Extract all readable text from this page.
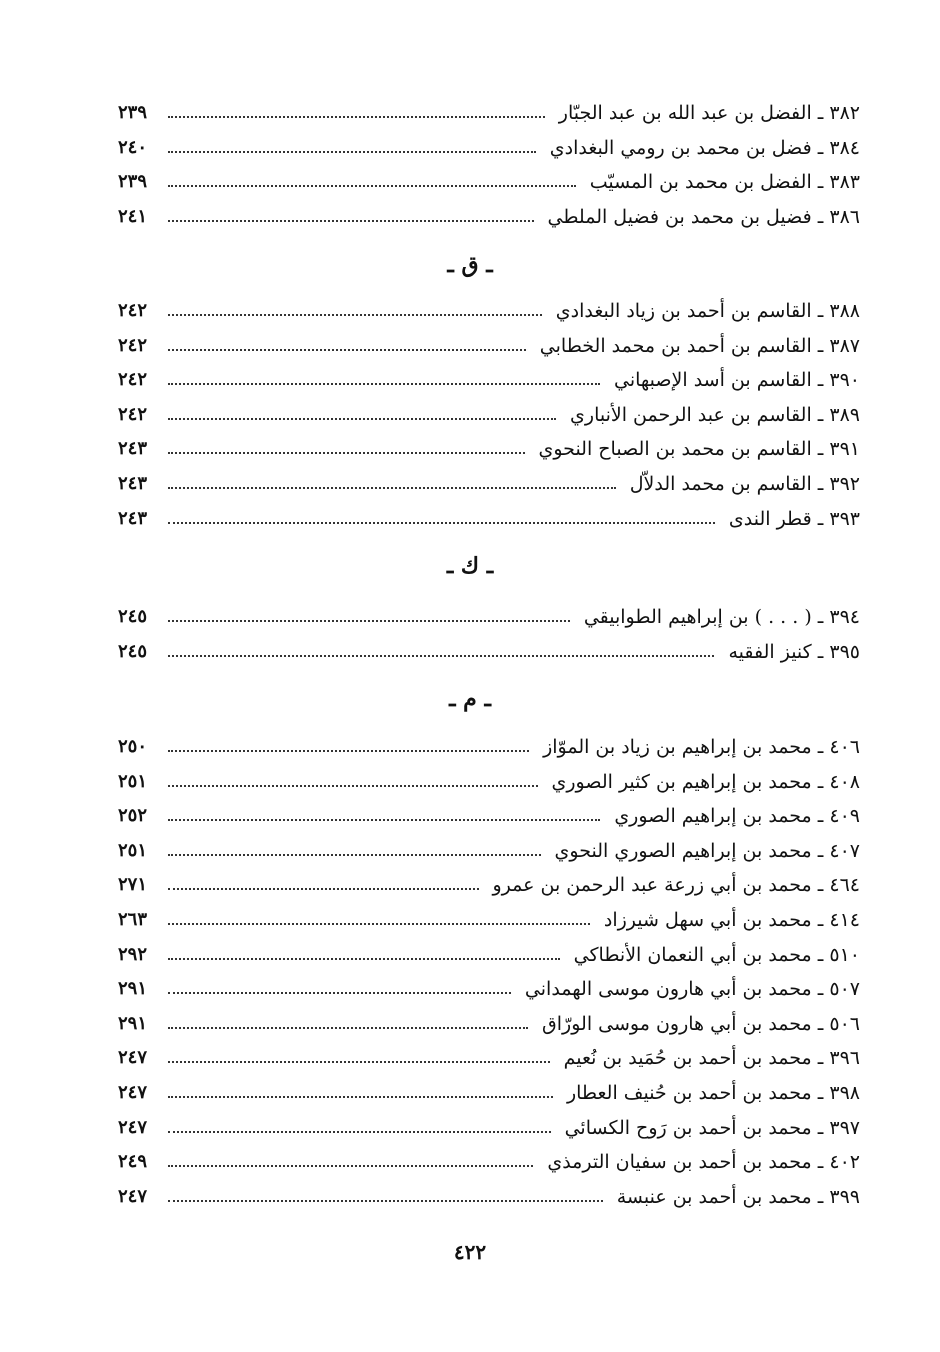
٣٨٢ ـ الفضل بن عبد الله بن عبد الجبّار
٢٣٩
٣٨٤ ـ فضل بن محمد بن رومي البغدادي
٢٤٠
٣٨٣ ـ الفضل بن محمد بن المسيّب
٢٣٩
٣٨٦ ـ فضيل بن محمد بن فضيل الملطي
٢٤١
ـ ق ـ
٣٨٨ ـ القاسم بن أحمد بن زياد البغدادي
٢٤٢
٣٨٧ ـ القاسم بن أحمد بن محمد الخطابي
٢٤٢
٣٩٠ ـ القاسم بن أسد الإصبهاني
٢٤٢
٣٨٩ ـ القاسم بن عبد الرحمن الأنباري
٢٤٢
٣٩١ ـ القاسم بن محمد بن الصباح النحوي
٢٤٣
٣٩٢ ـ القاسم بن محمد الدلاّل
٢٤٣
٣٩٣ ـ قطر الندى
٢٤٣
ـ ك ـ
٣٩٤ ـ ( . . . ) بن إبراهيم الطوابيقي
٢٤٥
٣٩٥ ـ كنيز الفقيه
٢٤٥
ـ م ـ
٤٠٦ ـ محمد بن إبراهيم بن زياد بن الموّاز
٢٥٠
٤٠٨ ـ محمد بن إبراهيم بن كثير الصوري
٢٥١
٤٠٩ ـ محمد بن إبراهيم الصوري
٢٥٢
٤٠٧ ـ محمد بن إبراهيم الصوري النحوي
٢٥١
٤٦٤ ـ محمد بن أبي زرعة عبد الرحمن بن عمرو
٢٧١
٤١٤ ـ محمد بن أبي سهل شيرزاد
٢٦٣
٥١٠ ـ محمد بن أبي النعمان الأنطاكي
٢٩٢
٥٠٧ ـ محمد بن أبي هارون موسى الهمداني
٢٩١
٥٠٦ ـ محمد بن أبي هارون موسى الورّاق
٢٩١
٣٩٦ ـ محمد بن أحمد بن حُمَيد بن نُعيم
٢٤٧
٣٩٨ ـ محمد بن أحمد بن حُنيف العطار
٢٤٧
٣٩٧ ـ محمد بن أحمد بن رَوح الكسائي
٢٤٧
٤٠٢ ـ محمد بن أحمد بن سفيان الترمذي
٢٤٩
٣٩٩ ـ محمد بن أحمد بن عنبسة
٢٤٧
٤٢٢
